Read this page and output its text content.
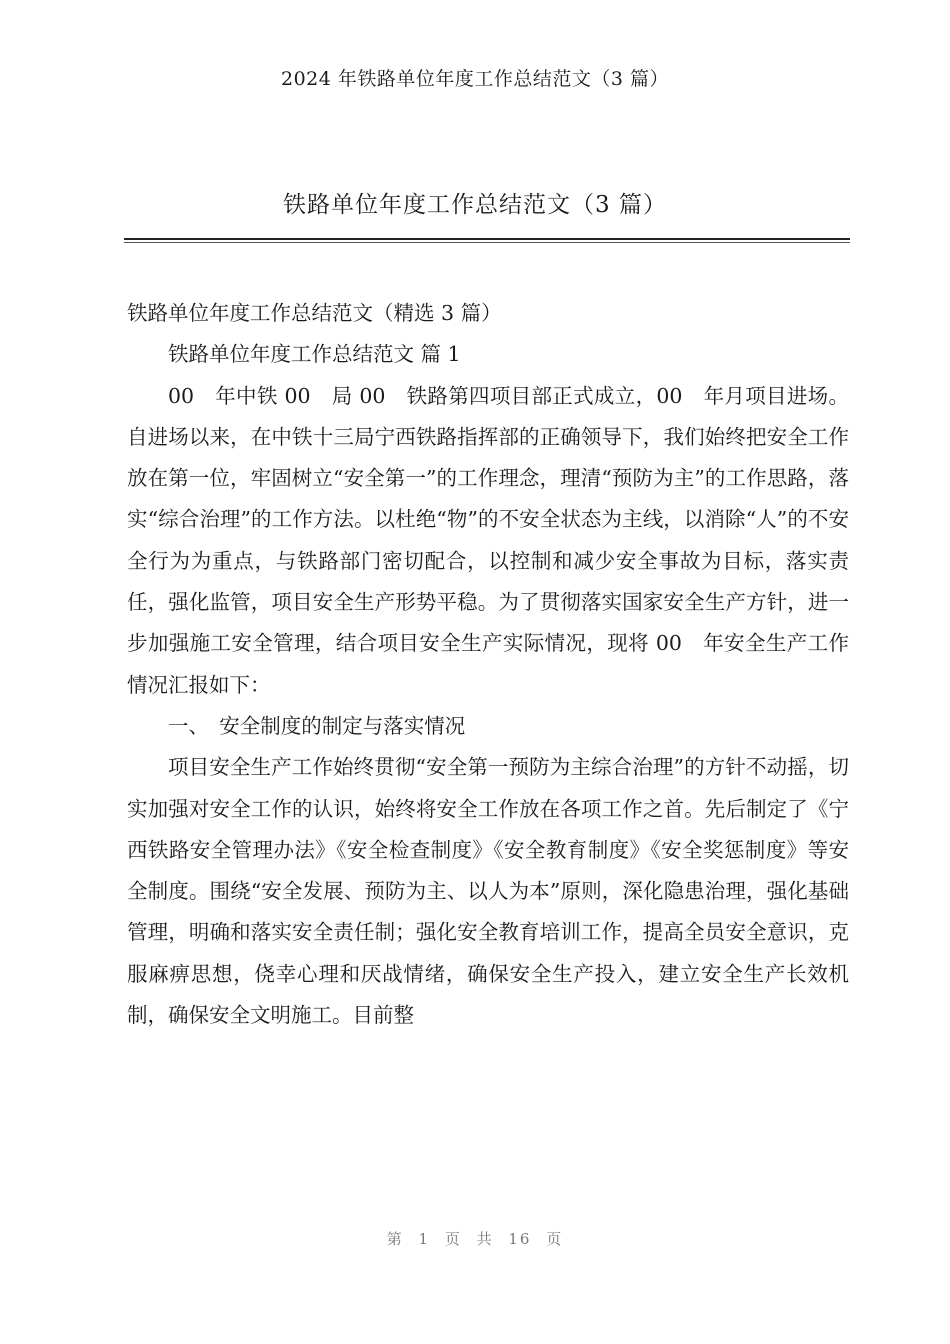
2024 年铁路单位年度工作总结范文（3 篇）
铁路单位年度工作总结范文（3 篇）

铁路单位年度工作总结范文（精选 3 篇）

铁路单位年度工作总结范文 篇 1

00　年中铁 00　局 00　铁路第四项目部正式成立，00　年月项目进场。自进场以来，在中铁十三局宁西铁路指挥部的正确领导下，我们始终把安全工作放在第一位，牢固树立“安全第一”的工作理念，理清“预防为主”的工作思路，落实“综合治理”的工作方法。以杜绝“物”的不安全状态为主线，以消除“人”的不安全行为为重点，与铁路部门密切配合，以控制和减少安全事故为目标，落实责任，强化监管，项目安全生产形势平稳。为了贯彻落实国家安全生产方针，进一步加强施工安全管理，结合项目安全生产实际情况，现将 00　年安全生产工作情况汇报如下：

一、　安全制度的制定与落实情况

项目安全生产工作始终贯彻“安全第一预防为主综合治理”的方针不动摇，切实加强对安全工作的认识，始终将安全工作放在各项工作之首。先后制定了《宁西铁路安全管理办法》《安全检查制度》《安全教育制度》《安全奖惩制度》等安全制度。围绕“安全发展、预防为主、以人为本”原则，深化隐患治理，强化基础管理，明确和落实安全责任制；强化安全教育培训工作，提高全员安全意识，克服麻痹思想，侥幸心理和厌战情绪，确保安全生产投入，建立安全生产长效机制，确保安全文明施工。目前整

第 1 页 共 16 页
